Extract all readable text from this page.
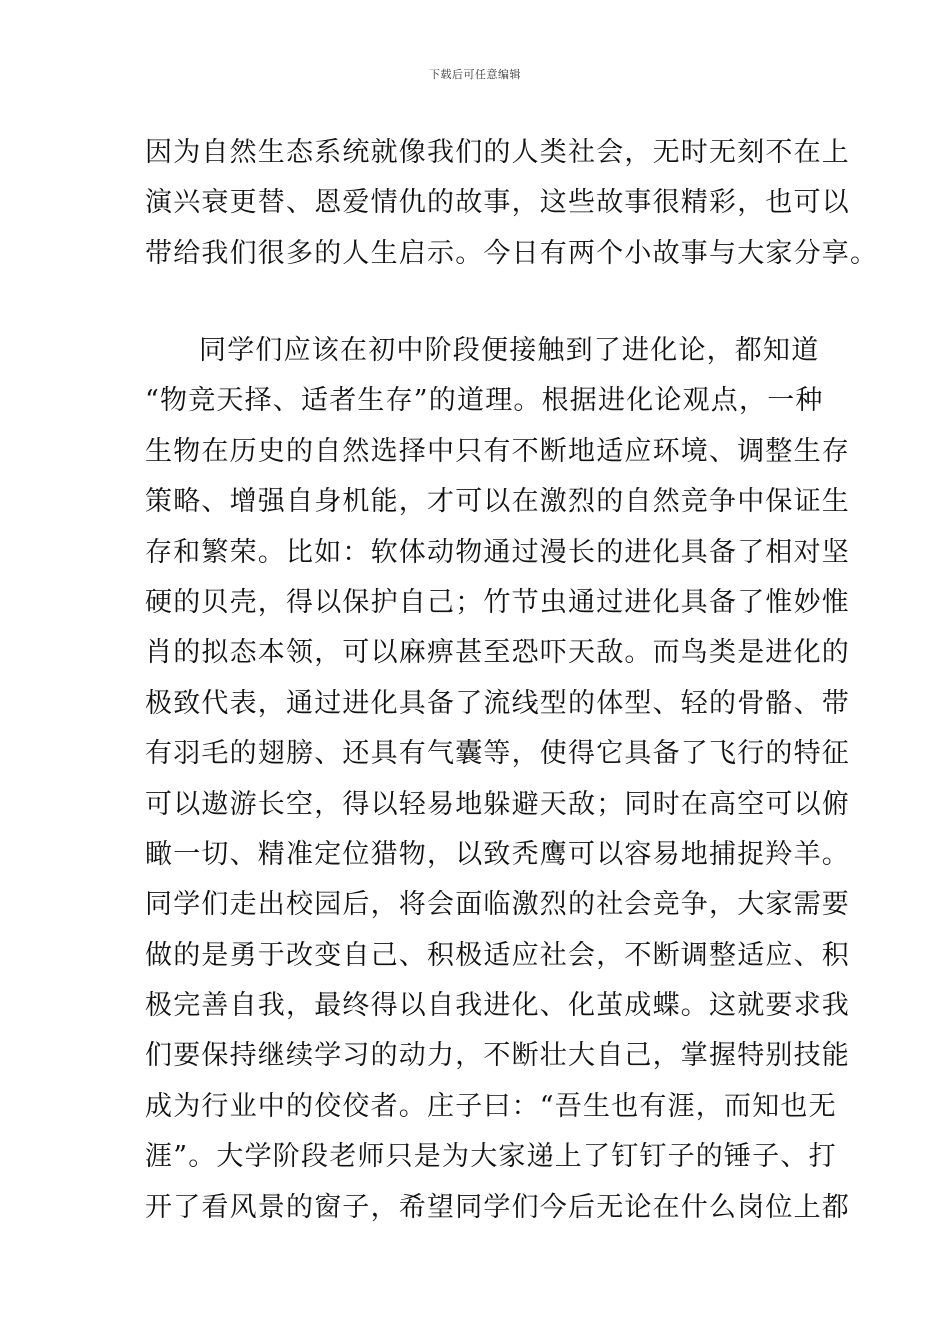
下载后可任意编辑
因为自然生态系统就像我们的人类社会，无时无刻不在上
演兴衰更替、恩爱情仇的故事，这些故事很精彩，也可以
带给我们很多的人生启示。今日有两个小故事与大家分享。
同学们应该在初中阶段便接触到了进化论，都知道
“物竞天择、适者生存”的道理。根据进化论观点，一种
生物在历史的自然选择中只有不断地适应环境、调整生存
策略、增强自身机能，才可以在激烈的自然竞争中保证生
存和繁荣。比如：软体动物通过漫长的进化具备了相对坚
硬的贝壳，得以保护自己；竹节虫通过进化具备了惟妙惟
肖的拟态本领，可以麻痹甚至恐吓天敌。而鸟类是进化的
极致代表，通过进化具备了流线型的体型、轻的骨骼、带
有羽毛的翅膀、还具有气囊等，使得它具备了飞行的特征
可以遨游长空，得以轻易地躲避天敌；同时在高空可以俯
瞰一切、精准定位猎物，以致秃鹰可以容易地捕捉羚羊。
同学们走出校园后，将会面临激烈的社会竞争，大家需要
做的是勇于改变自己、积极适应社会，不断调整适应、积
极完善自我，最终得以自我进化、化茧成蝶。这就要求我
们要保持继续学习的动力，不断壮大自己，掌握特别技能
成为行业中的佼佼者。庄子曰：“吾生也有涯，而知也无
涯”。大学阶段老师只是为大家递上了钉钉子的锤子、打
开了看风景的窗子，希望同学们今后无论在什么岗位上都
